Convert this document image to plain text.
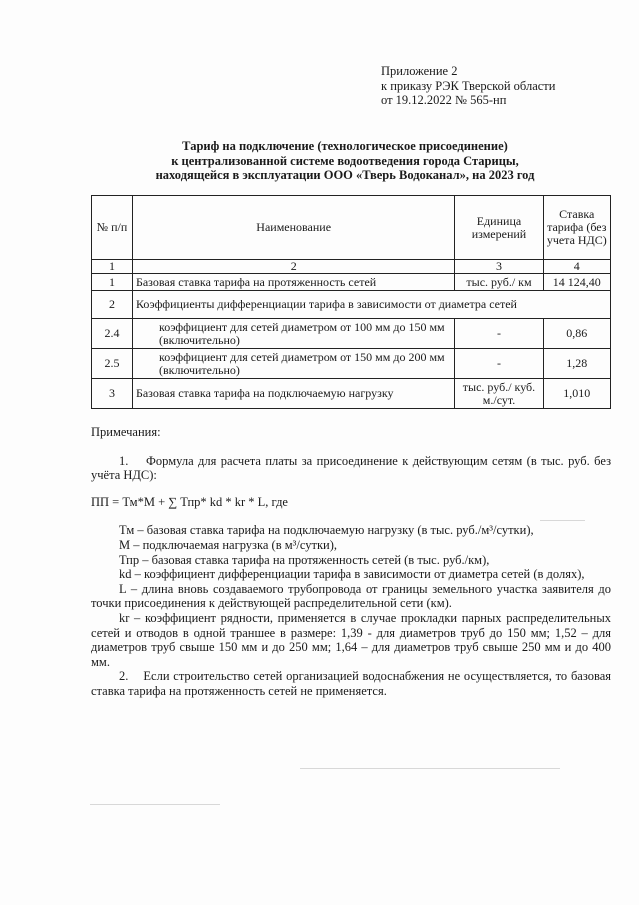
Приложение 2
к приказу РЭК Тверской области
от 19.12.2022 № 565-нп
Тариф на подключение (технологическое присоединение)
к централизованной системе водоотведения города Старицы,
находящейся в эксплуатации ООО «Тверь Водоканал», на 2023 год
№ п/п	Наименование	Единица измерений	Ставка тарифа (без учета НДС)
1	2	3	4
1	Базовая ставка тарифа на протяженность сетей	тыс. руб./ км	14 124,40
2	Коэффициенты дифференциации тарифа в зависимости от диаметра сетей		
2.4	коэффициент для сетей диаметром от 100 мм до 150 мм (включительно)	-	0,86
2.5	коэффициент для сетей диаметром от 150 мм до 200 мм (включительно)	-	1,28
3	Базовая ставка тарифа на подключаемую нагрузку	тыс. руб./ куб. м./сут.	1,010

Примечания:

1. Формула для расчета платы за присоединение к действующим сетям (в тыс. руб. без учёта НДС):

ПП = Тм*М + ∑ Тпр* kd * kr * L, где

Тм – базовая ставка тарифа на подключаемую нагрузку (в тыс. руб./м³/сутки),

М – подключаемая нагрузка (в м³/сутки),

Тпр – базовая ставка тарифа на протяженность сетей (в тыс. руб./км),

kd – коэффициент дифференциации тарифа в зависимости от диаметра сетей (в долях),

L – длина вновь создаваемого трубопровода от границы земельного участка заявителя до точки присоединения к действующей распределительной сети (км).

kr – коэффициент рядности, применяется в случае прокладки парных распределительных сетей и отводов в одной траншее в размере: 1,39 - для диаметров труб до 150 мм; 1,52 – для диаметров труб свыше 150 мм и до 250 мм; 1,64 – для диаметров труб свыше 250 мм и до 400 мм.

2. Если строительство сетей организацией водоснабжения не осуществляется, то базовая ставка тарифа на протяженность сетей не применяется.
